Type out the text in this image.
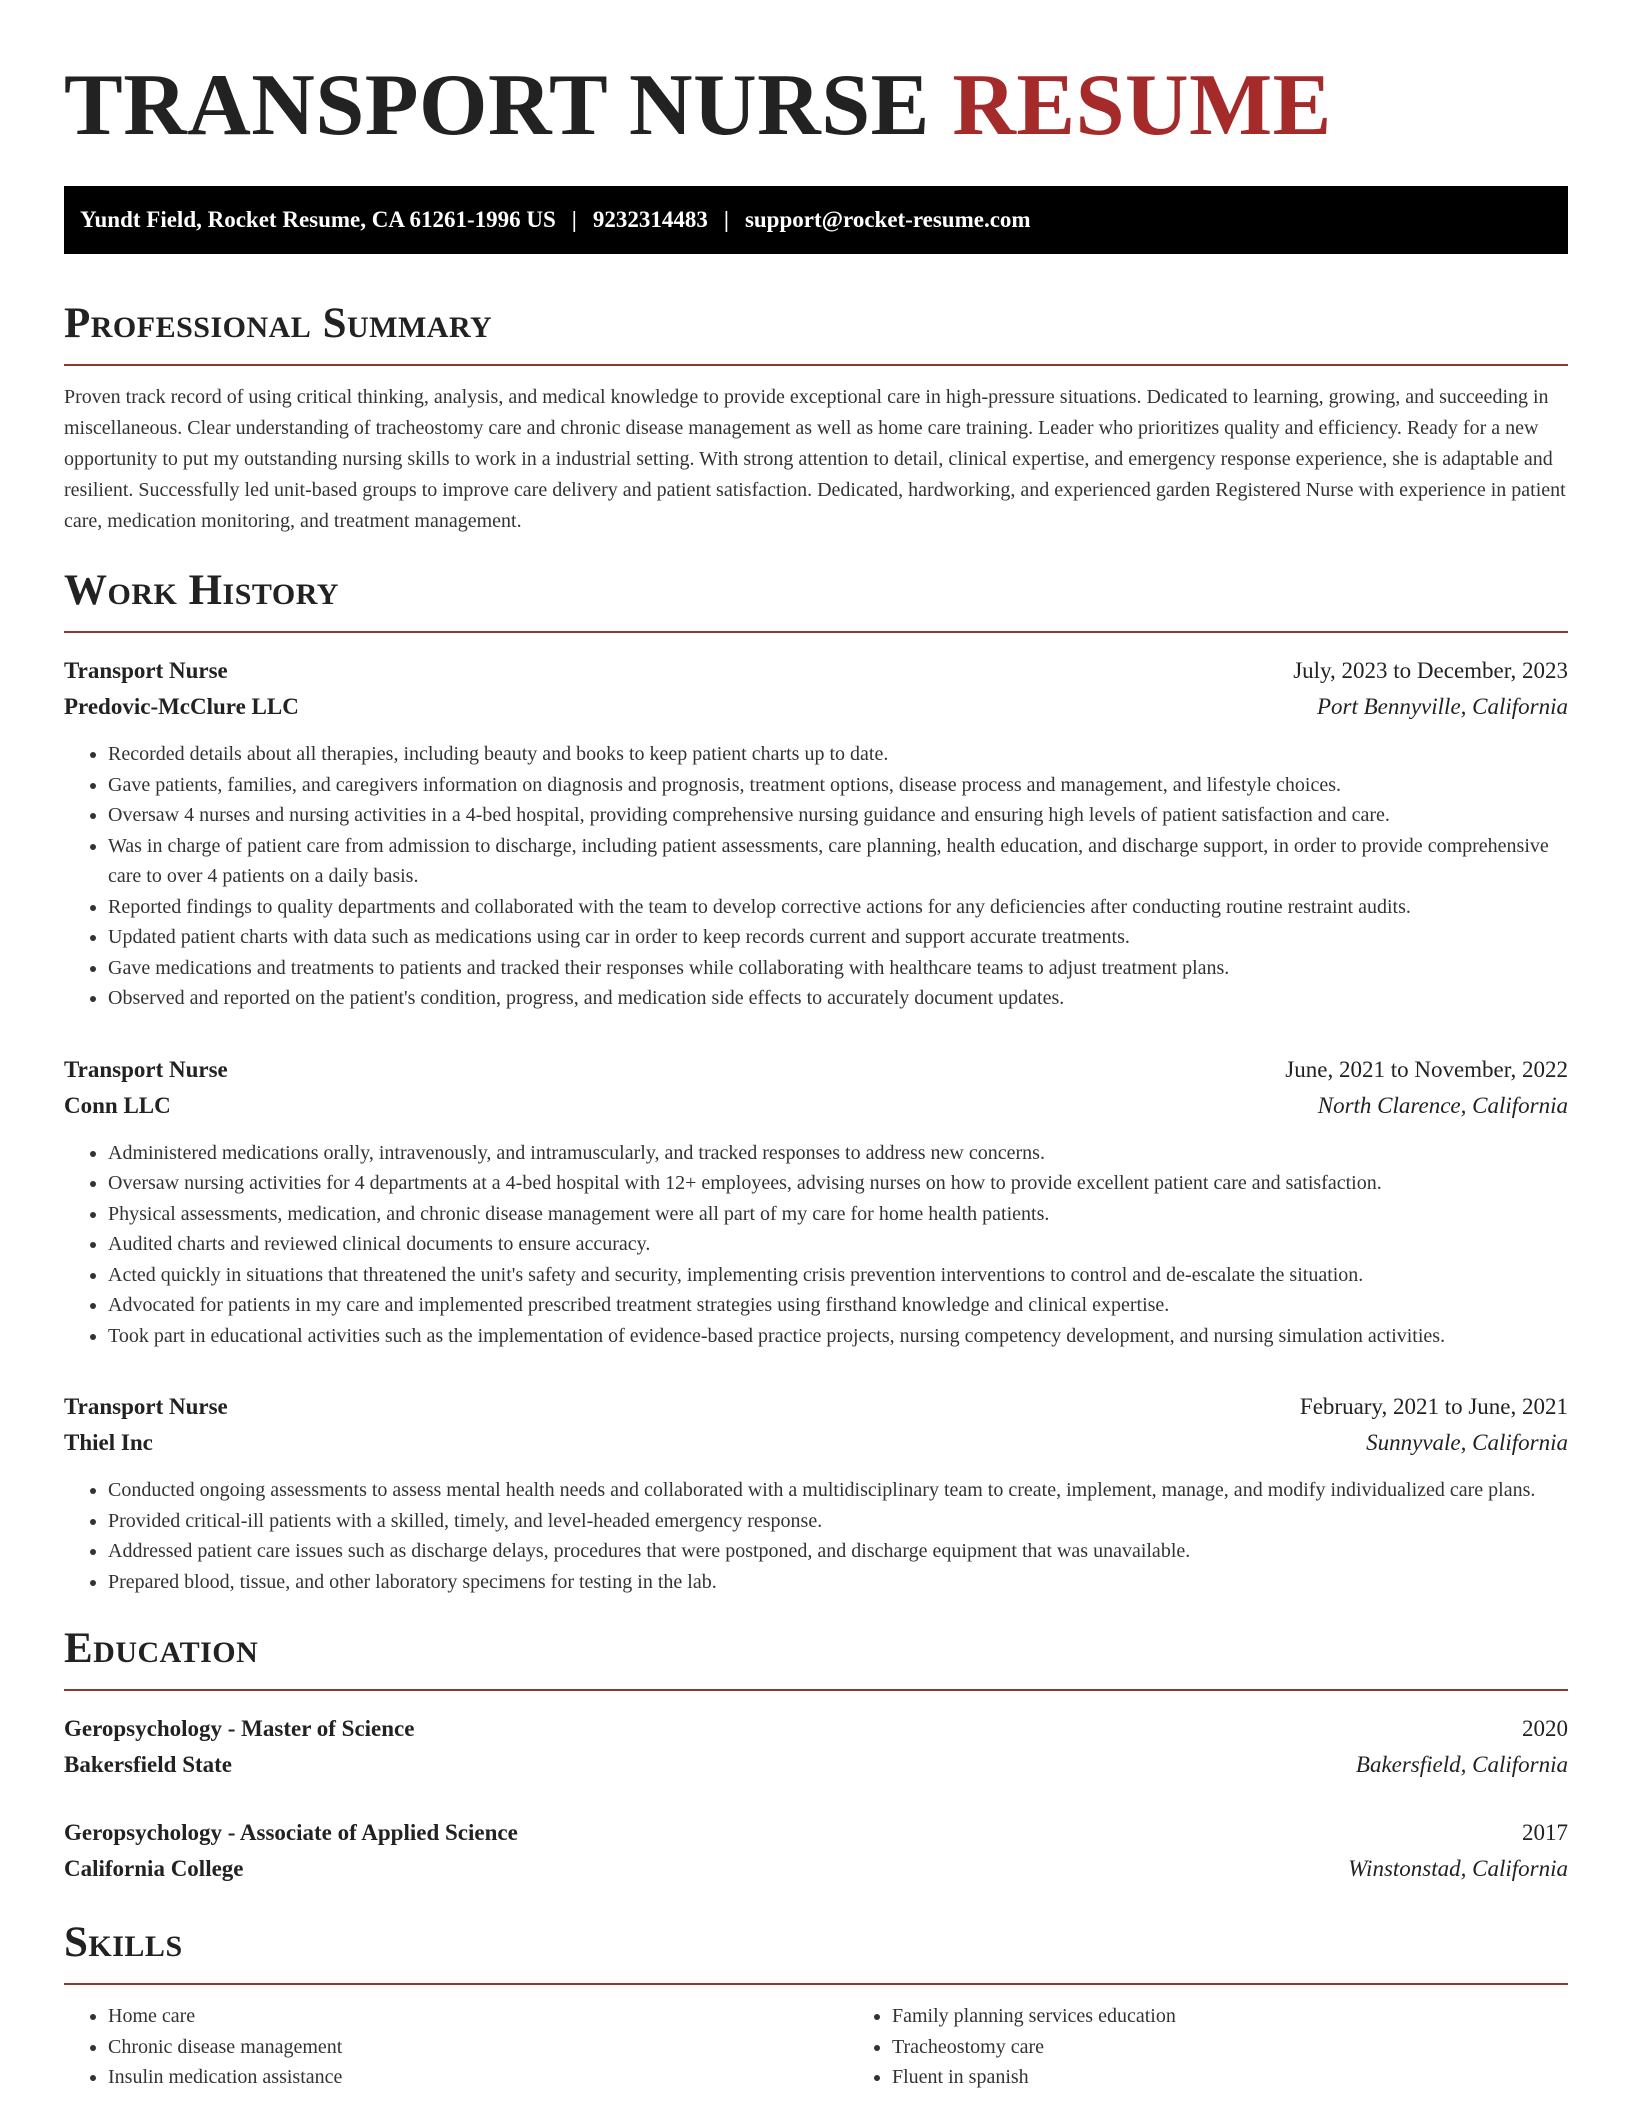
TRANSPORT NURSE RESUME
Yundt Field, Rocket Resume, CA 61261-1996 US | 9232314483 | support@rocket-resume.com
Professional Summary

Proven track record of using critical thinking, analysis, and medical knowledge to provide exceptional care in high-pressure situations. Dedicated to learning, growing, and succeeding in miscellaneous. Clear understanding of tracheostomy care and chronic disease management as well as home care training. Leader who prioritizes quality and efficiency. Ready for a new opportunity to put my outstanding nursing skills to work in a industrial setting. With strong attention to detail, clinical expertise, and emergency response experience, she is adaptable and resilient. Successfully led unit-based groups to improve care delivery and patient satisfaction. Dedicated, hardworking, and experienced garden Registered Nurse with experience in patient care, medication monitoring, and treatment management.

Work History
Transport Nurse	July, 2023 to December, 2023
Predovic-McClure LLC	Port Bennyville, California
• Recorded details about all therapies, including beauty and books to keep patient charts up to date.
• Gave patients, families, and caregivers information on diagnosis and prognosis, treatment options, disease process and management, and lifestyle choices.
• Oversaw 4 nurses and nursing activities in a 4-bed hospital, providing comprehensive nursing guidance and ensuring high levels of patient satisfaction and care.
• Was in charge of patient care from admission to discharge, including patient assessments, care planning, health education, and discharge support, in order to provide comprehensive care to over 4 patients on a daily basis.
• Reported findings to quality departments and collaborated with the team to develop corrective actions for any deficiencies after conducting routine restraint audits.
• Updated patient charts with data such as medications using car in order to keep records current and support accurate treatments.
• Gave medications and treatments to patients and tracked their responses while collaborating with healthcare teams to adjust treatment plans.
• Observed and reported on the patient's condition, progress, and medication side effects to accurately document updates.
Transport Nurse	June, 2021 to November, 2022
Conn LLC	North Clarence, California
• Administered medications orally, intravenously, and intramuscularly, and tracked responses to address new concerns.
• Oversaw nursing activities for 4 departments at a 4-bed hospital with 12+ employees, advising nurses on how to provide excellent patient care and satisfaction.
• Physical assessments, medication, and chronic disease management were all part of my care for home health patients.
• Audited charts and reviewed clinical documents to ensure accuracy.
• Acted quickly in situations that threatened the unit's safety and security, implementing crisis prevention interventions to control and de-escalate the situation.
• Advocated for patients in my care and implemented prescribed treatment strategies using firsthand knowledge and clinical expertise.
• Took part in educational activities such as the implementation of evidence-based practice projects, nursing competency development, and nursing simulation activities.
Transport Nurse	February, 2021 to June, 2021
Thiel Inc	Sunnyvale, California
• Conducted ongoing assessments to assess mental health needs and collaborated with a multidisciplinary team to create, implement, manage, and modify individualized care plans.
• Provided critical-ill patients with a skilled, timely, and level-headed emergency response.
• Addressed patient care issues such as discharge delays, procedures that were postponed, and discharge equipment that was unavailable.
• Prepared blood, tissue, and other laboratory specimens for testing in the lab.
Education
Geropsychology - Master of Science	2020
Bakersfield State	Bakersfield, California
Geropsychology - Associate of Applied Science	2017
California College	Winstonstad, California
Skills
• Home care
• Chronic disease management
• Insulin medication assistance
• Family planning services education
• Tracheostomy care
• Fluent in spanish
